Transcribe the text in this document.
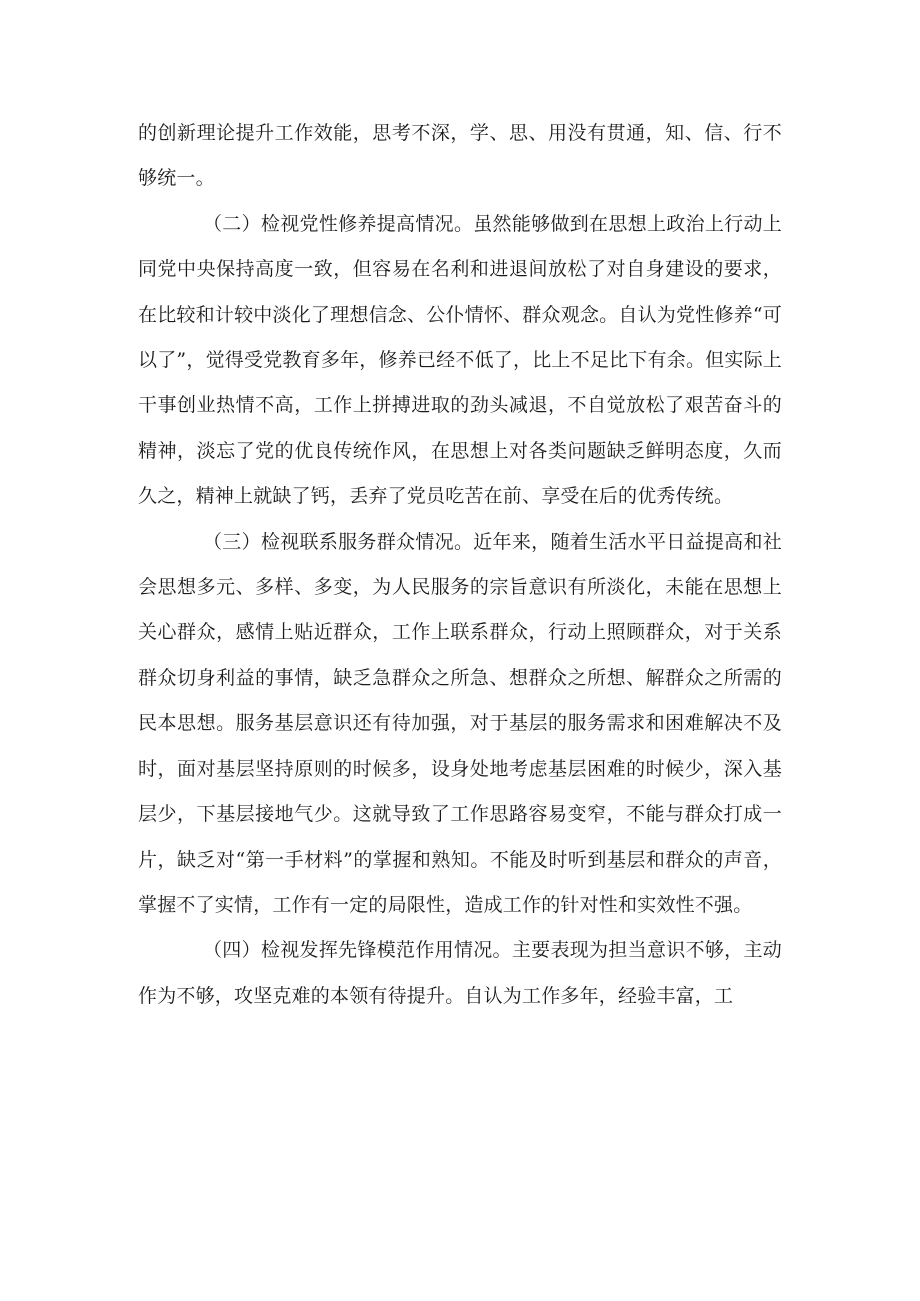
的创新理论提升工作效能，思考不深，学、思、用没有贯通，知、信、行不够统一。

（二）检视党性修养提高情况。虽然能够做到在思想上政治上行动上同党中央保持高度一致，但容易在名利和进退间放松了对自身建设的要求，在比较和计较中淡化了理想信念、公仆情怀、群众观念。自认为党性修养“可以了”，觉得受党教育多年，修养已经不低了，比上不足比下有余。但实际上干事创业热情不高，工作上拼搏进取的劲头减退，不自觉放松了艰苦奋斗的精神，淡忘了党的优良传统作风，在思想上对各类问题缺乏鲜明态度，久而久之，精神上就缺了钙，丢弃了党员吃苦在前、享受在后的优秀传统。

（三）检视联系服务群众情况。近年来，随着生活水平日益提高和社会思想多元、多样、多变，为人民服务的宗旨意识有所淡化，未能在思想上关心群众，感情上贴近群众，工作上联系群众，行动上照顾群众，对于关系群众切身利益的事情，缺乏急群众之所急、想群众之所想、解群众之所需的民本思想。服务基层意识还有待加强，对于基层的服务需求和困难解决不及时，面对基层坚持原则的时候多，设身处地考虑基层困难的时候少，深入基层少，下基层接地气少。这就导致了工作思路容易变窄，不能与群众打成一片，缺乏对“第一手材料”的掌握和熟知。不能及时听到基层和群众的声音，掌握不了实情，工作有一定的局限性，造成工作的针对性和实效性不强。

（四）检视发挥先锋模范作用情况。主要表现为担当意识不够，主动作为不够，攻坚克难的本领有待提升。自认为工作多年，经验丰富，工
